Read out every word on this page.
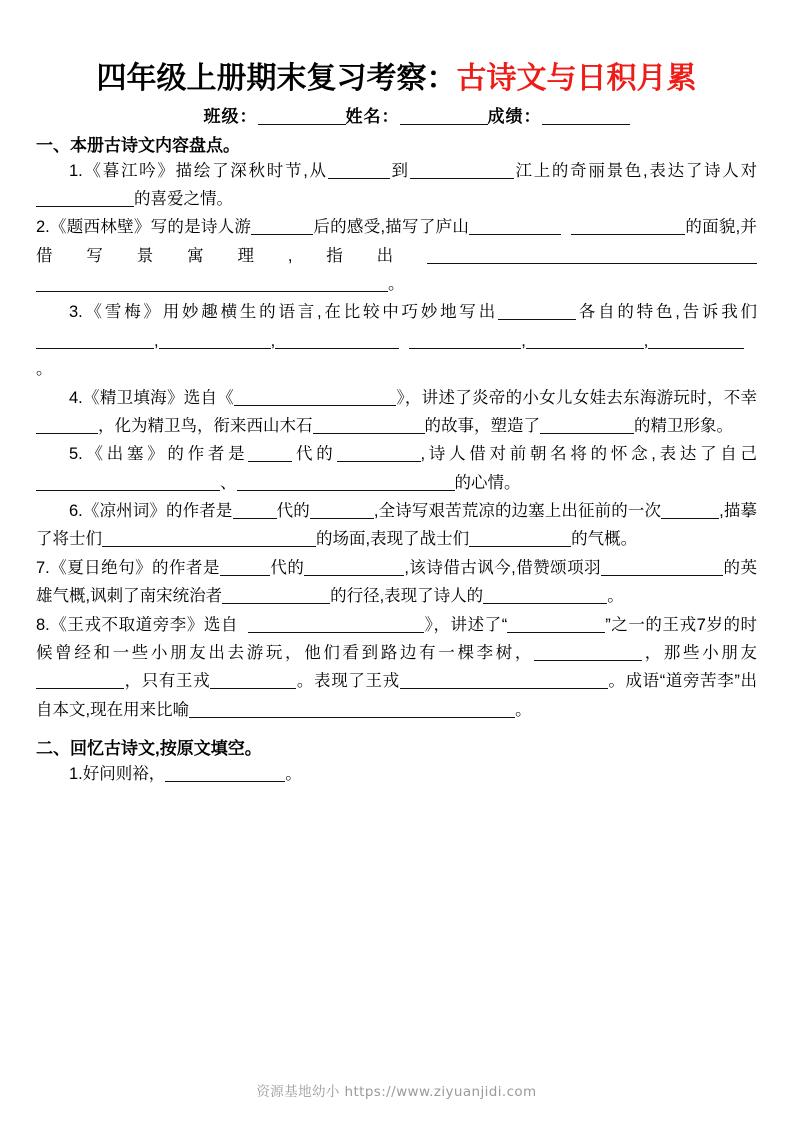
四年级上册期末复习考察：古诗文与日积月累
班级：	姓名：	成绩：
一、本册古诗文内容盘点。

1.《暮江吟》描绘了深秋时节,从	到	江上的奇丽景色,表达了诗人对的喜爱之情。

2.《题西林壁》写的是诗人游	后的感受,描写了庐山	的面貌,并借写景寓理,指出。

3.《雪梅》用妙趣横生的语言,在比较中巧妙地写出	各自的特色,告诉我们,	,	,	,。

4.《精卫填海》选自《	》，讲述了炎帝的小女儿女娃去东海游玩时，不幸，化为精卫鸟，衔来西山木石	的故事，塑造了	的精卫形象。

5.《出塞》的作者是	代的	,诗人借对前朝名将的怀念,表达了自己、	的心情。

6.《凉州词》的作者是	代的	,全诗写艰苦荒凉的边塞上出征前的一次	,描摹了将士们	的场面,表现了战士们	的气概。

7.《夏日绝句》的作者是	代的	,该诗借古讽今,借赞颂项羽	的英雄气概,讽刺了南宋统治者	的行径,表现了诗人的	。

8.《王戎不取道旁李》选自	》，讲述了“	”之一的王戎7岁的时候曾经和一些小朋友出去游玩，他们看到路边有一棵李树，	，那些小朋友，只有王戎	。表现了王戎	。成语“道旁苦李”出自本文,现在用来比喻	。

二、回忆古诗文,按原文填空。

1.好问则裕，	。

资源基地幼小 https://www.ziyuanjidi.com
